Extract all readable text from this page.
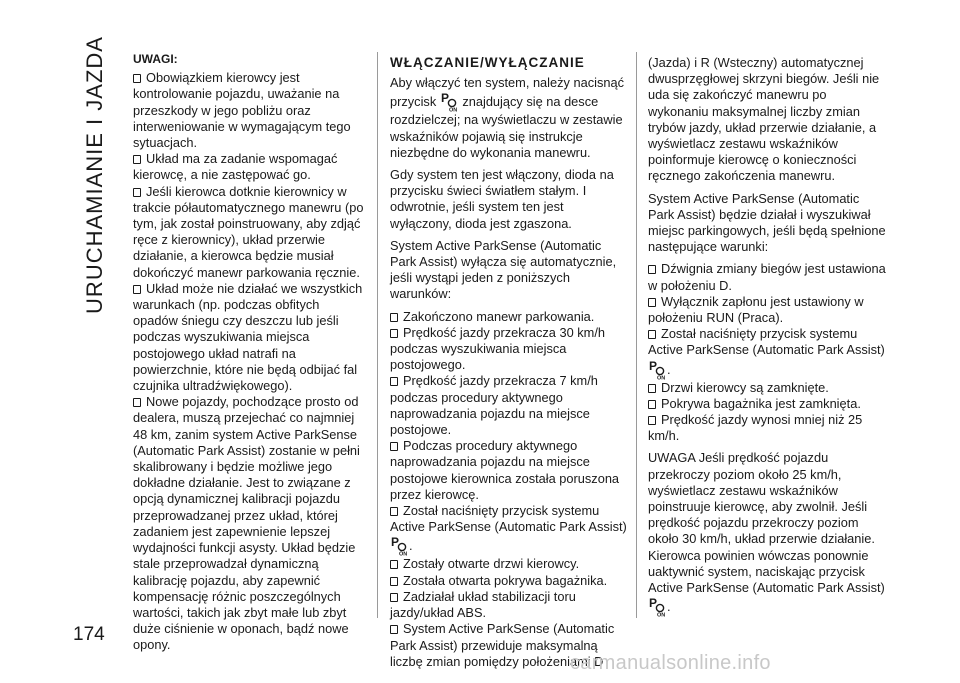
URUCHAMIANIE I JAZDA
174
UWAGI:
Obowiązkiem kierowcy jest kontrolowanie pojazdu, uważanie na przeszkody w jego pobliżu oraz interweniowanie w wymagającym tego sytuacjach.
Układ ma za zadanie wspomagać kierowcę, a nie zastępować go.
Jeśli kierowca dotknie kierownicy w trakcie półautomatycznego manewru (po tym, jak został poinstruowany, aby zdjąć ręce z kierownicy), układ przerwie działanie, a kierowca będzie musiał dokończyć manewr parkowania ręcznie.
Układ może nie działać we wszystkich warunkach (np. podczas obfitych opadów śniegu czy deszczu lub jeśli podczas wyszukiwania miejsca postojowego układ natrafi na powierzchnie, które nie będą odbijać fal czujnika ultradźwiękowego).
Nowe pojazdy, pochodzące prosto od dealera, muszą przejechać co najmniej 48 km, zanim system Active ParkSense (Automatic Park Assist) zostanie w pełni skalibrowany i będzie możliwe jego dokładne działanie. Jest to związane z opcją dynamicznej kalibracji pojazdu przeprowadzanej przez układ, której zadaniem jest zapewnienie lepszej wydajności funkcji asysty. Układ będzie stale przeprowadzał dynamiczną kalibrację pojazdu, aby zapewnić kompensację różnic poszczególnych wartości, takich jak zbyt małe lub zbyt duże ciśnienie w oponach, bądź nowe opony.
WŁĄCZANIE/WYŁĄCZANIE

Aby włączyć ten system, należy nacisnąć przycisk P
ON
znajdujący się na desce rozdzielczej; na wyświetlaczu w zestawie wskaźników pojawią się instrukcje niezbędne do wykonania manewru.

Gdy system ten jest włączony, dioda na przycisku świeci światłem stałym. I odwrotnie, jeśli system ten jest wyłączony, dioda jest zgaszona.

System Active ParkSense (Automatic Park Assist) wyłącza się automatycznie, jeśli wystąpi jeden z poniższych warunków:

Zakończono manewr parkowania.
Prędkość jazdy przekracza 30 km/h podczas wyszukiwania miejsca postojowego.
Prędkość jazdy przekracza 7 km/h podczas procedury aktywnego naprowadzania pojazdu na miejsce postojowe.
Podczas procedury aktywnego naprowadzania pojazdu na miejsce postojowe kierownica została poruszona przez kierowcę.
Został naciśnięty przycisk systemu Active ParkSense (Automatic Park Assist)

P
ON
.
Zostały otwarte drzwi kierowcy.
Została otwarta pokrywa bagażnika.
Zadziałał układ stabilizacji toru jazdy/układ ABS.
System Active ParkSense (Automatic Park Assist) przewiduje maksymalną liczbę zmian pomiędzy położeniami D

(Jazda) i R (Wsteczny) automatycznej dwusprzęgłowej skrzyni biegów. Jeśli nie uda się zakończyć manewru po wykonaniu maksymalnej liczby zmian trybów jazdy, układ przerwie działanie, a wyświetlacz zestawu wskaźników poinformuje kierowcę o konieczności ręcznego zakończenia manewru.

System Active ParkSense (Automatic Park Assist) będzie działał i wyszukiwał miejsc parkingowych, jeśli będą spełnione następujące warunki:

Dźwignia zmiany biegów jest ustawiona w położeniu D.
Wyłącznik zapłonu jest ustawiony w położeniu RUN (Praca).
Został naciśnięty przycisk systemu Active ParkSense (Automatic Park Assist)

P
ON
.
Drzwi kierowcy są zamknięte.
Pokrywa bagażnika jest zamknięta.
Prędkość jazdy wynosi mniej niż 25 km/h.

UWAGA Jeśli prędkość pojazdu przekroczy poziom około 25 km/h, wyświetlacz zestawu wskaźników poinstruuje kierowcę, aby zwolnił. Jeśli prędkość pojazdu przekroczy poziom około 30 km/h, układ przerwie działanie. Kierowca powinien wówczas ponownie uaktywnić system, naciskając przycisk Active ParkSense (Automatic Park Assist)

P
ON
.

carmanualsonline.info
